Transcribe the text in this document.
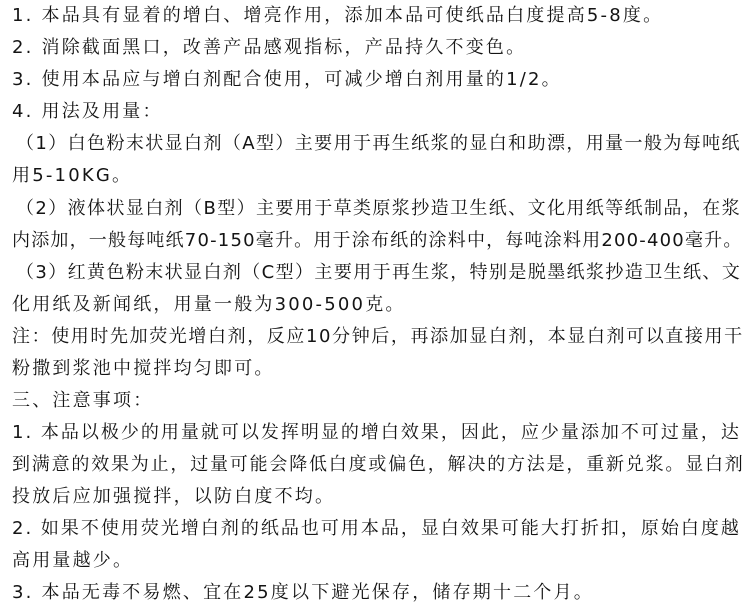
1. 本品具有显着的增白、增亮作用，添加本品可使纸品白度提高5-8度。
2. 消除截面黑口，改善产品感观指标，产品持久不变色。
3. 使用本品应与增白剂配合使用，可减少增白剂用量的1/2。
4. 用法及用量：
（1）白色粉末状显白剂（A型）主要用于再生纸浆的显白和助漂，用量一般为每吨纸
用5-10KG。
（2）液体状显白剂（B型）主要用于草类原浆抄造卫生纸、文化用纸等纸制品，在浆
内添加，一般每吨纸70-150毫升。用于涂布纸的涂料中，每吨涂料用200-400毫升。
（3）红黄色粉末状显白剂（C型）主要用于再生浆，特别是脱墨纸浆抄造卫生纸、文
化用纸及新闻纸，用量一般为300-500克。
注：使用时先加荧光增白剂，反应10分钟后，再添加显白剂，本显白剂可以直接用干
粉撒到浆池中搅拌均匀即可。
三、注意事项：
1. 本品以极少的用量就可以发挥明显的增白效果，因此，应少量添加不可过量，达
到满意的效果为止，过量可能会降低白度或偏色，解决的方法是，重新兑浆。显白剂
投放后应加强搅拌，以防白度不均。
2. 如果不使用荧光增白剂的纸品也可用本品，显白效果可能大打折扣，原始白度越
高用量越少。
3. 本品无毒不易燃、宜在25度以下避光保存，储存期十二个月。
